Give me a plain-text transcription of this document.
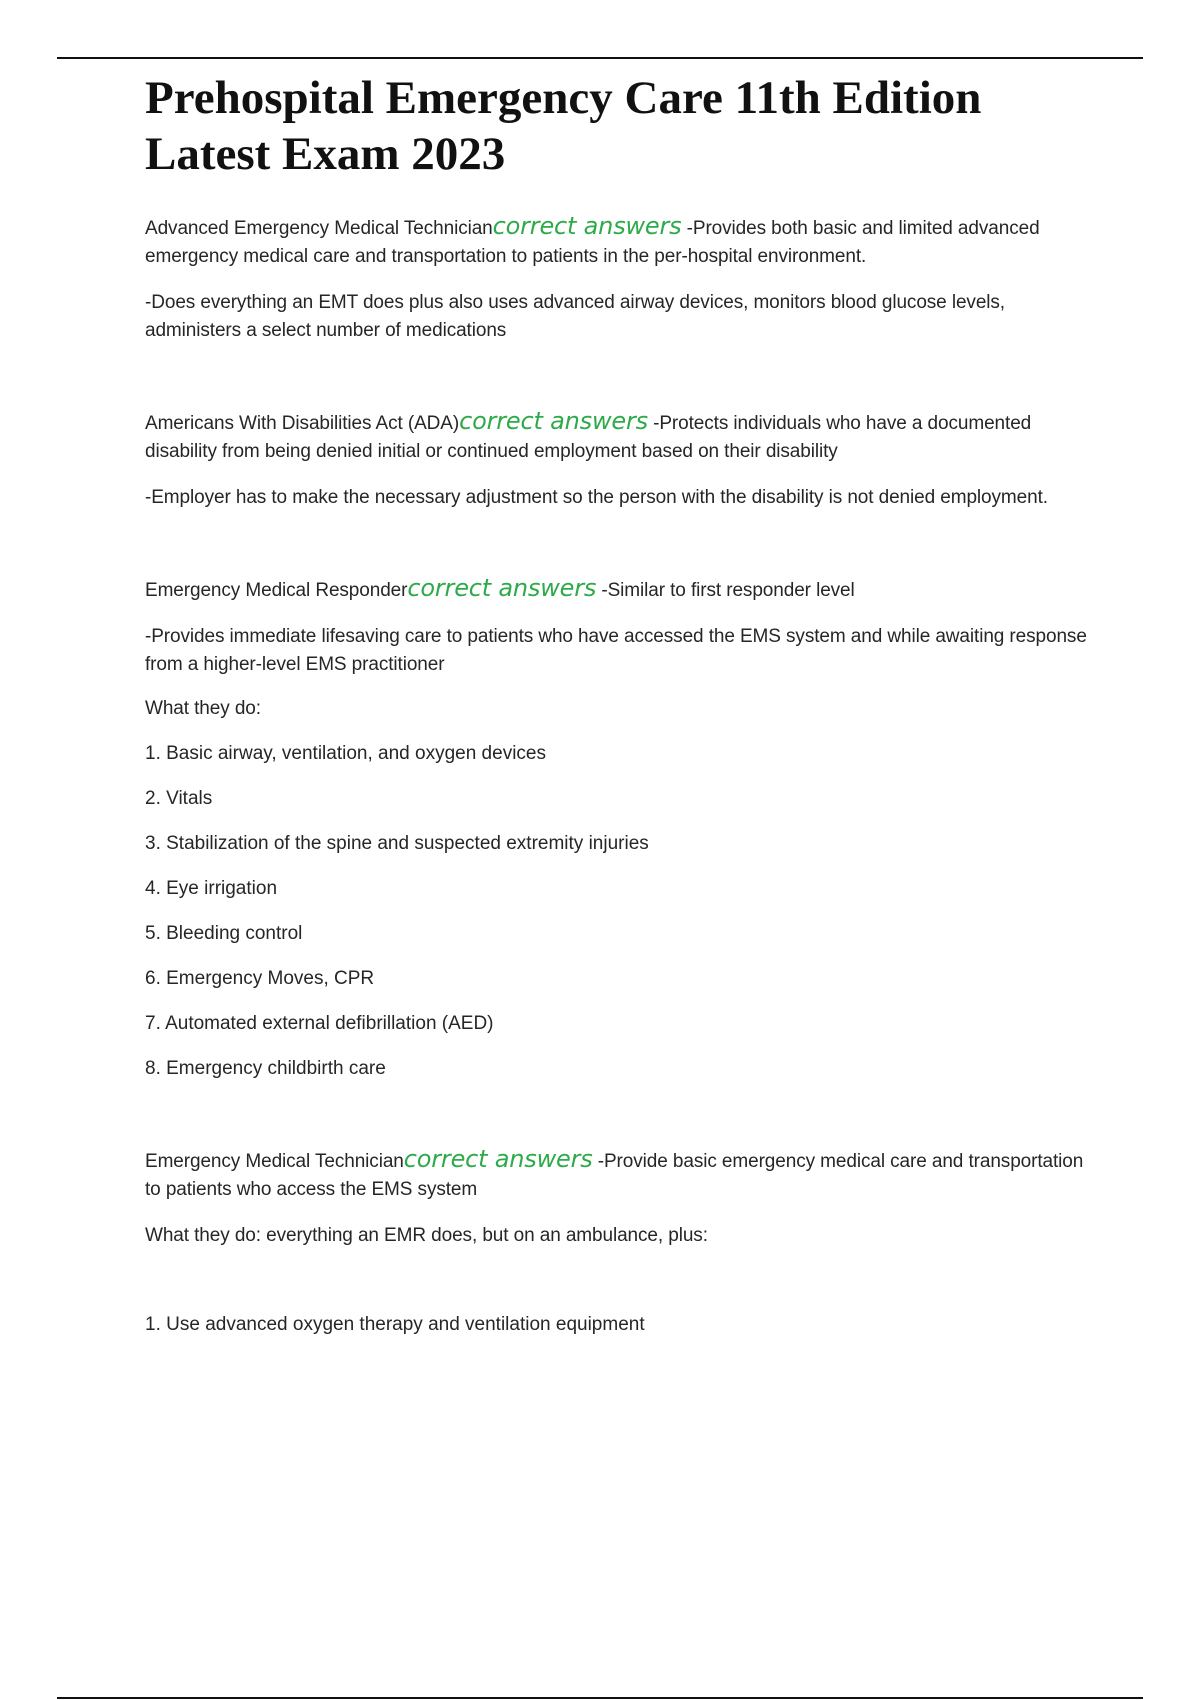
Prehospital Emergency Care 11th Edition
Latest Exam 2023

Advanced Emergency Medical Techniciancorrect answers -Provides both basic and limited advanced emergency medical care and transportation to patients in the per-hospital environment.

-Does everything an EMT does plus also uses advanced airway devices, monitors blood glucose levels, administers a select number of medications

Americans With Disabilities Act (ADA)correct answers -Protects individuals who have a documented disability from being denied initial or continued employment based on their disability

-Employer has to make the necessary adjustment so the person with the disability is not denied employment.

Emergency Medical Respondercorrect answers -Similar to first responder level

-Provides immediate lifesaving care to patients who have accessed the EMS system and while awaiting response from a higher-level EMS practitioner

What they do:

1. Basic airway, ventilation, and oxygen devices
2. Vitals
3. Stabilization of the spine and suspected extremity injuries
4. Eye irrigation
5. Bleeding control
6. Emergency Moves, CPR
7. Automated external defibrillation (AED)
8. Emergency childbirth care

Emergency Medical Techniciancorrect answers -Provide basic emergency medical care and transportation to patients who access the EMS system

What they do: everything an EMR does, but on an ambulance, plus:

1. Use advanced oxygen therapy and ventilation equipment
